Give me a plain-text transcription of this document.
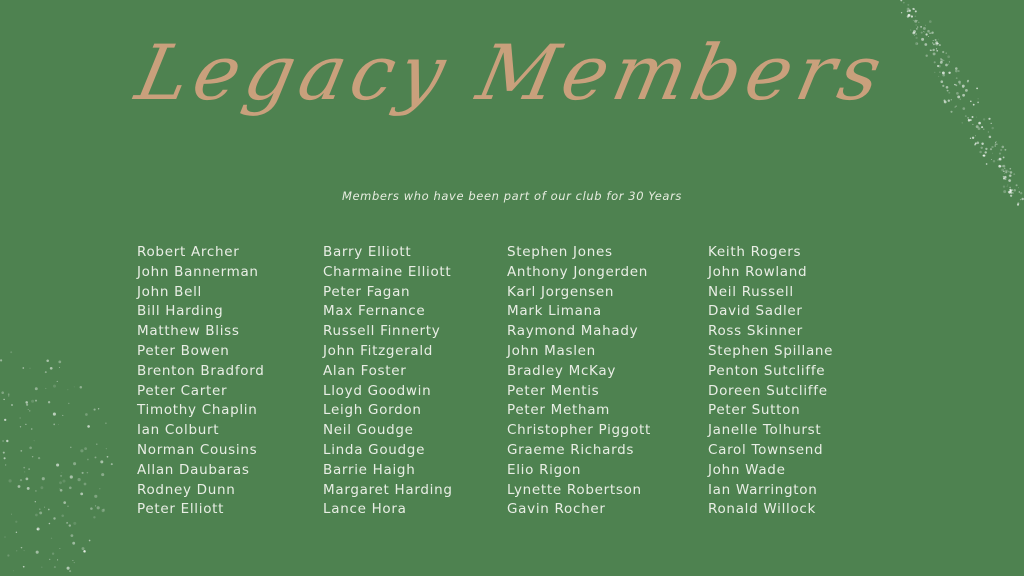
Legacy Members
Members who have been part of our club for 30 Years
Robert Archer
John Bannerman
John Bell
Bill Harding
Matthew Bliss
Peter Bowen
Brenton Bradford
Peter Carter
Timothy Chaplin
Ian Colburt
Norman Cousins
Allan Daubaras
Rodney Dunn
Peter Elliott
Barry Elliott
Charmaine Elliott
Peter Fagan
Max Fernance
Russell Finnerty
John Fitzgerald
Alan Foster
Lloyd Goodwin
Leigh Gordon
Neil Goudge
Linda Goudge
Barrie Haigh
Margaret Harding
Lance Hora
Stephen Jones
Anthony Jongerden
Karl Jorgensen
Mark Limana
Raymond Mahady
John Maslen
Bradley McKay
Peter Mentis
Peter Metham
Christopher Piggott
Graeme Richards
Elio Rigon
Lynette Robertson
Gavin Rocher
Keith Rogers
John Rowland
Neil Russell
David Sadler
Ross Skinner
Stephen Spillane
Penton Sutcliffe
Doreen Sutcliffe
Peter Sutton
Janelle Tolhurst
Carol Townsend
John Wade
Ian Warrington
Ronald Willock
